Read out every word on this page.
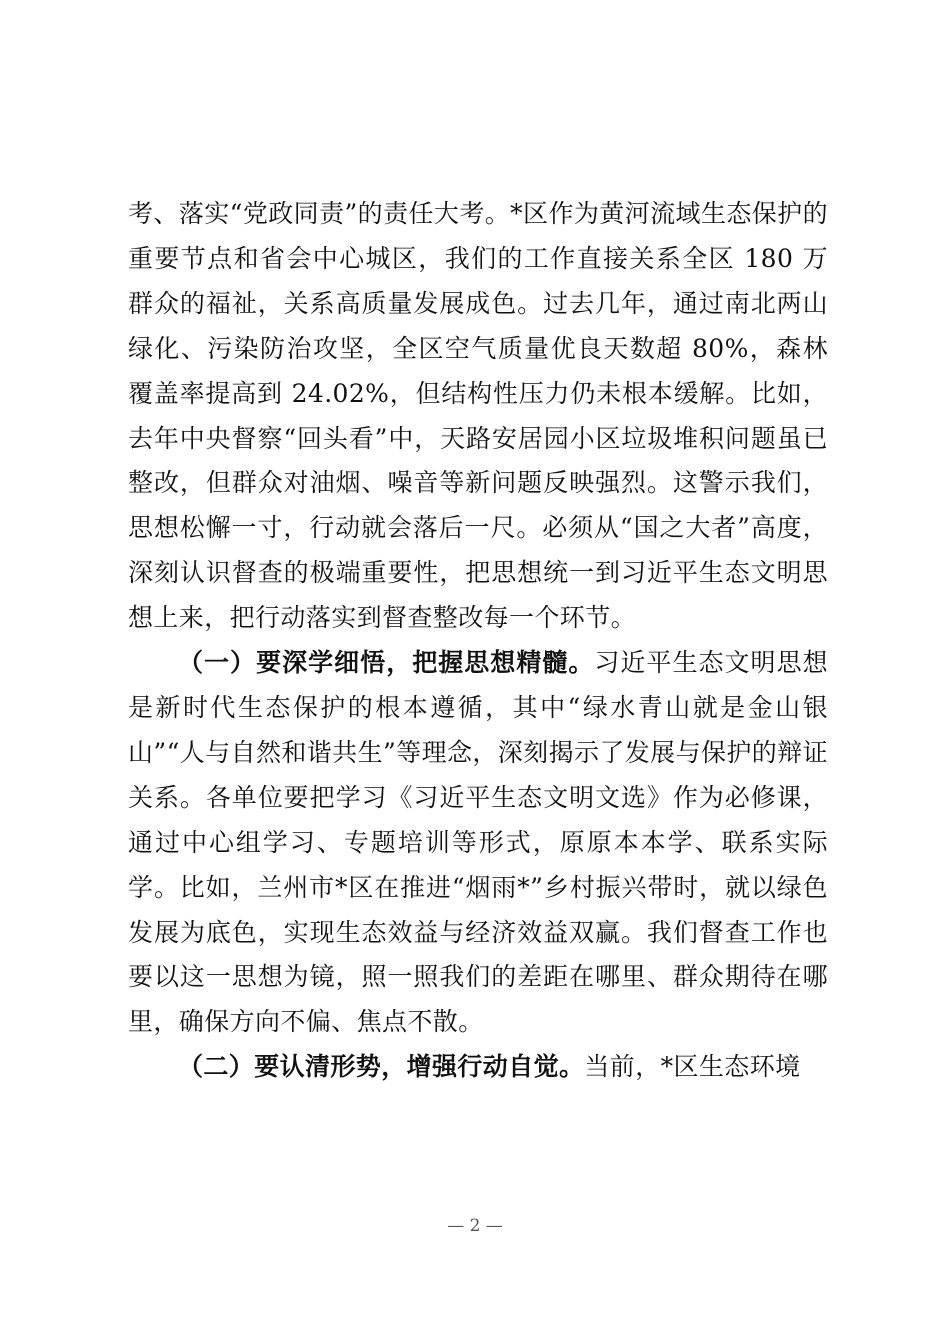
考、落实“党政同责”的责任大考。*区作为黄河流域生态保护的重要节点和省会中心城区，我们的工作直接关系全区 180 万群众的福祉，关系高质量发展成色。过去几年，通过南北两山绿化、污染防治攻坚，全区空气质量优良天数超 80%，森林覆盖率提高到 24.02%，但结构性压力仍未根本缓解。比如，去年中央督察“回头看”中，天路安居园小区垃圾堆积问题虽已整改，但群众对油烟、噪音等新问题反映强烈。这警示我们，思想松懈一寸，行动就会落后一尺。必须从“国之大者”高度，深刻认识督查的极端重要性，把思想统一到习近平生态文明思想上来，把行动落实到督查整改每一个环节。

（一）要深学细悟，把握思想精髓。习近平生态文明思想是新时代生态保护的根本遵循，其中“绿水青山就是金山银山”“人与自然和谐共生”等理念，深刻揭示了发展与保护的辩证关系。各单位要把学习《习近平生态文明文选》作为必修课，通过中心组学习、专题培训等形式，原原本本学、联系实际学。比如，兰州市*区在推进“烟雨*”乡村振兴带时，就以绿色发展为底色，实现生态效益与经济效益双赢。我们督查工作也要以这一思想为镜，照一照我们的差距在哪里、群众期待在哪里，确保方向不偏、焦点不散。

（二）要认清形势，增强行动自觉。当前，*区生态环境

— 2 —
